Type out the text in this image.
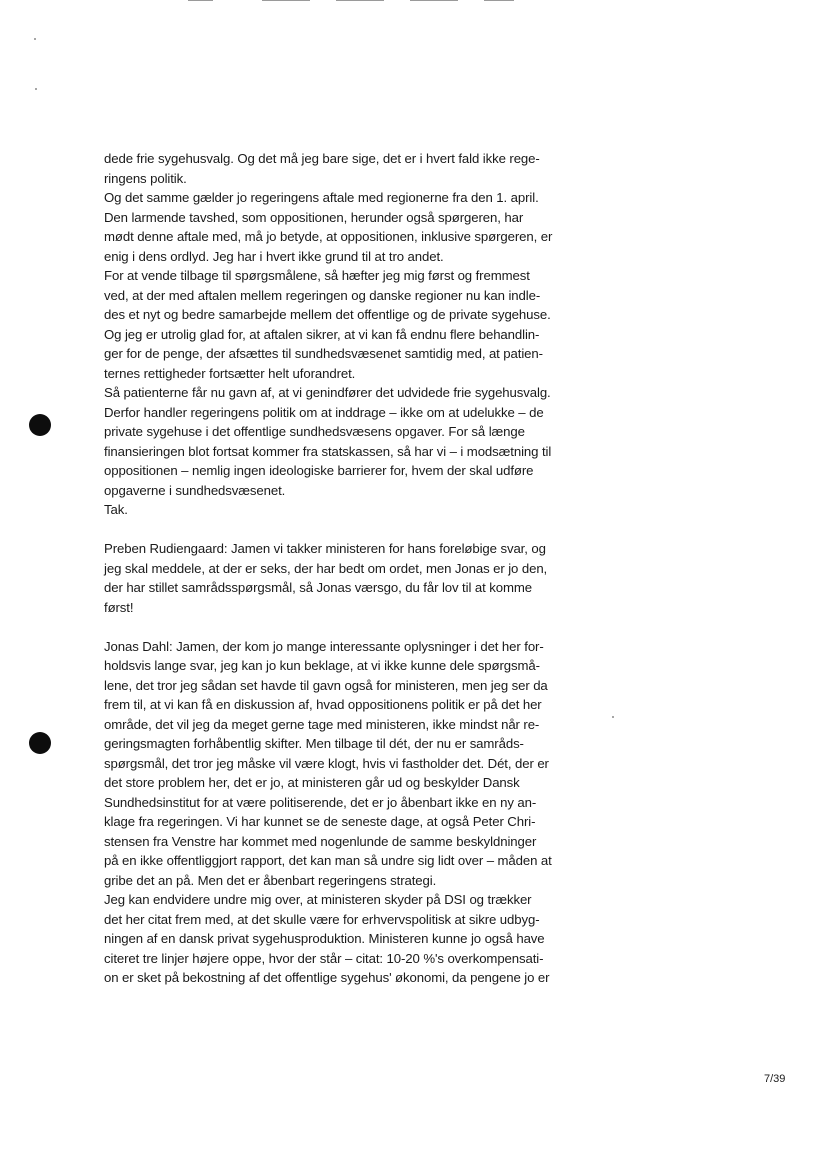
dede frie sygehusvalg. Og det må jeg bare sige, det er i hvert fald ikke rege-
ringens politik.

Og det samme gælder jo regeringens aftale med regionerne fra den 1. april.
Den larmende tavshed, som oppositionen, herunder også spørgeren, har
mødt denne aftale med, må jo betyde, at oppositionen, inklusive spørgeren, er
enig i dens ordlyd. Jeg har i hvert ikke grund til at tro andet.

For at vende tilbage til spørgsmålene, så hæfter jeg mig først og fremmest
ved, at der med aftalen mellem regeringen og danske regioner nu kan indle-
des et nyt og bedre samarbejde mellem det offentlige og de private sygehuse.
Og jeg er utrolig glad for, at aftalen sikrer, at vi kan få endnu flere behandlin-
ger for de penge, der afsættes til sundhedsvæsenet samtidig med, at patien-
ternes rettigheder fortsætter helt uforandret.

Så patienterne får nu gavn af, at vi genindfører det udvidede frie sygehusvalg.
Derfor handler regeringens politik om at inddrage – ikke om at udelukke – de
private sygehuse i det offentlige sundhedsvæsens opgaver. For så længe
finansieringen blot fortsat kommer fra statskassen, så har vi – i modsætning til
oppositionen – nemlig ingen ideologiske barrierer for, hvem der skal udføre
opgaverne i sundhedsvæsenet.

Tak.

Preben Rudiengaard: Jamen vi takker ministeren for hans foreløbige svar, og
jeg skal meddele, at der er seks, der har bedt om ordet, men Jonas er jo den,
der har stillet samrådsspørgsmål, så Jonas værsgo, du får lov til at komme
først!

Jonas Dahl: Jamen, der kom jo mange interessante oplysninger i det her for-
holdsvis lange svar, jeg kan jo kun beklage, at vi ikke kunne dele spørgsmå-
lene, det tror jeg sådan set havde til gavn også for ministeren, men jeg ser da
frem til, at vi kan få en diskussion af, hvad oppositionens politik er på det her
område, det vil jeg da meget gerne tage med ministeren, ikke mindst når re-
geringsmagten forhåbentlig skifter. Men tilbage til dét, der nu er samråds-
spørgsmål, det tror jeg måske vil være klogt, hvis vi fastholder det. Dét, der er
det store problem her, det er jo, at ministeren går ud og beskylder Dansk
Sundhedsinstitut for at være politiserende, det er jo åbenbart ikke en ny an-
klage fra regeringen. Vi har kunnet se de seneste dage, at også Peter Chri-
stensen fra Venstre har kommet med nogenlunde de samme beskyldninger
på en ikke offentliggjort rapport, det kan man så undre sig lidt over – måden at
gribe det an på. Men det er åbenbart regeringens strategi.

Jeg kan endvidere undre mig over, at ministeren skyder på DSI og trækker
det her citat frem med, at det skulle være for erhvervspolitisk at sikre udbyg-
ningen af en dansk privat sygehusproduktion. Ministeren kunne jo også have
citeret tre linjer højere oppe, hvor der står – citat: 10-20 %'s overkompensati-
on er sket på bekostning af det offentlige sygehus' økonomi, da pengene jo er

7/39
